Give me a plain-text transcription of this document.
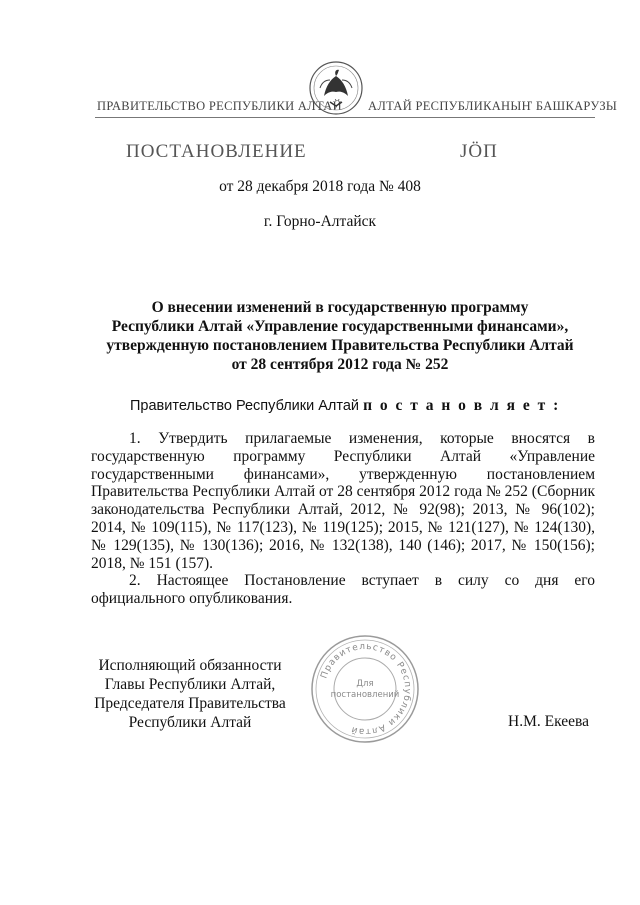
ПРАВИТЕЛЬСТВО РЕСПУБЛИКИ АЛТАЙ АЛТАЙ РЕСПУБЛИКАНЫҤ БАШКАРУЗЫ
ПОСТАНОВЛЕНИЕ	JÖП
от 28 декабря 2018 года № 408
г. Горно-Алтайск
О внесении изменений в государственную программу
Республики Алтай «Управление государственными финансами»,
утвержденную постановлением Правительства Республики Алтай
от 28 сентября 2012 года № 252
Правительство Республики Алтай п о с т а н о в л я е т :

1. Утвердить прилагаемые изменения, которые вносятся в государственную программу Республики Алтай «Управление государственными финансами», утвержденную постановлением Правительства Республики Алтай от 28 сентября 2012 года № 252 (Сборник законодательства Республики Алтай, 2012, № 92(98); 2013, № 96(102); 2014, № 109(115), № 117(123), № 119(125); 2015, № 121(127), № 124(130), № 129(135), № 130(136); 2016, № 132(138), 140 (146); 2017, № 150(156); 2018, № 151 (157).

2. Настоящее Постановление вступает в силу со дня его официального опубликования.

Исполняющий обязанности
Главы Республики Алтай,
Председателя Правительства
Республики Алтай	Н.М. Екеева
Правительство Республики Алтай
Для
постановлений
